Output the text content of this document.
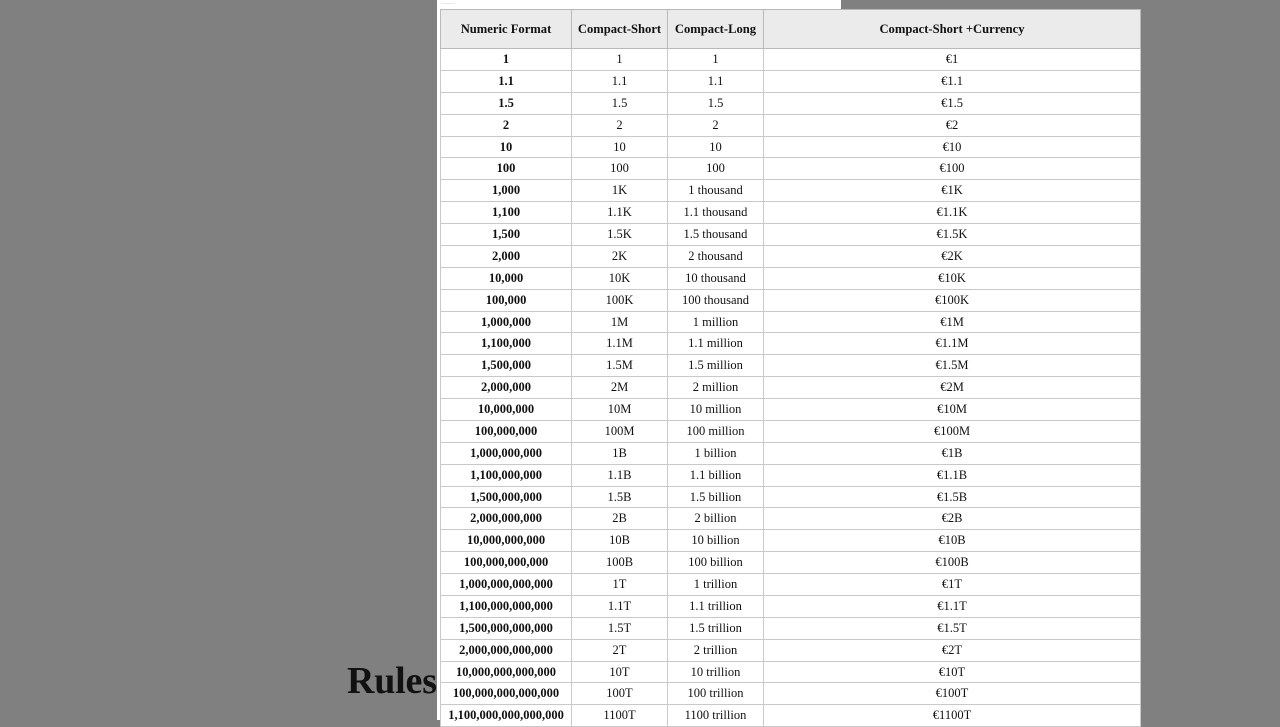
Numeric Format	Compact-Short	Compact-Long	Compact-Short +Currency
1	1	1	€1
1.1	1.1	1.1	€1.1
1.5	1.5	1.5	€1.5
2	2	2	€2
10	10	10	€10
100	100	100	€100
1,000	1K	1 thousand	€1K
1,100	1.1K	1.1 thousand	€1.1K
1,500	1.5K	1.5 thousand	€1.5K
2,000	2K	2 thousand	€2K
10,000	10K	10 thousand	€10K
100,000	100K	100 thousand	€100K
1,000,000	1M	1 million	€1M
1,100,000	1.1M	1.1 million	€1.1M
1,500,000	1.5M	1.5 million	€1.5M
2,000,000	2M	2 million	€2M
10,000,000	10M	10 million	€10M
100,000,000	100M	100 million	€100M
1,000,000,000	1B	1 billion	€1B
1,100,000,000	1.1B	1.1 billion	€1.1B
1,500,000,000	1.5B	1.5 billion	€1.5B
2,000,000,000	2B	2 billion	€2B
10,000,000,000	10B	10 billion	€10B
100,000,000,000	100B	100 billion	€100B
1,000,000,000,000	1T	1 trillion	€1T
1,100,000,000,000	1.1T	1.1 trillion	€1.1T
1,500,000,000,000	1.5T	1.5 trillion	€1.5T
2,000,000,000,000	2T	2 trillion	€2T
10,000,000,000,000	10T	10 trillion	€10T
100,000,000,000,000	100T	100 trillion	€100T
1,100,000,000,000,000	1100T	1100 trillion	€1100T
Rules
